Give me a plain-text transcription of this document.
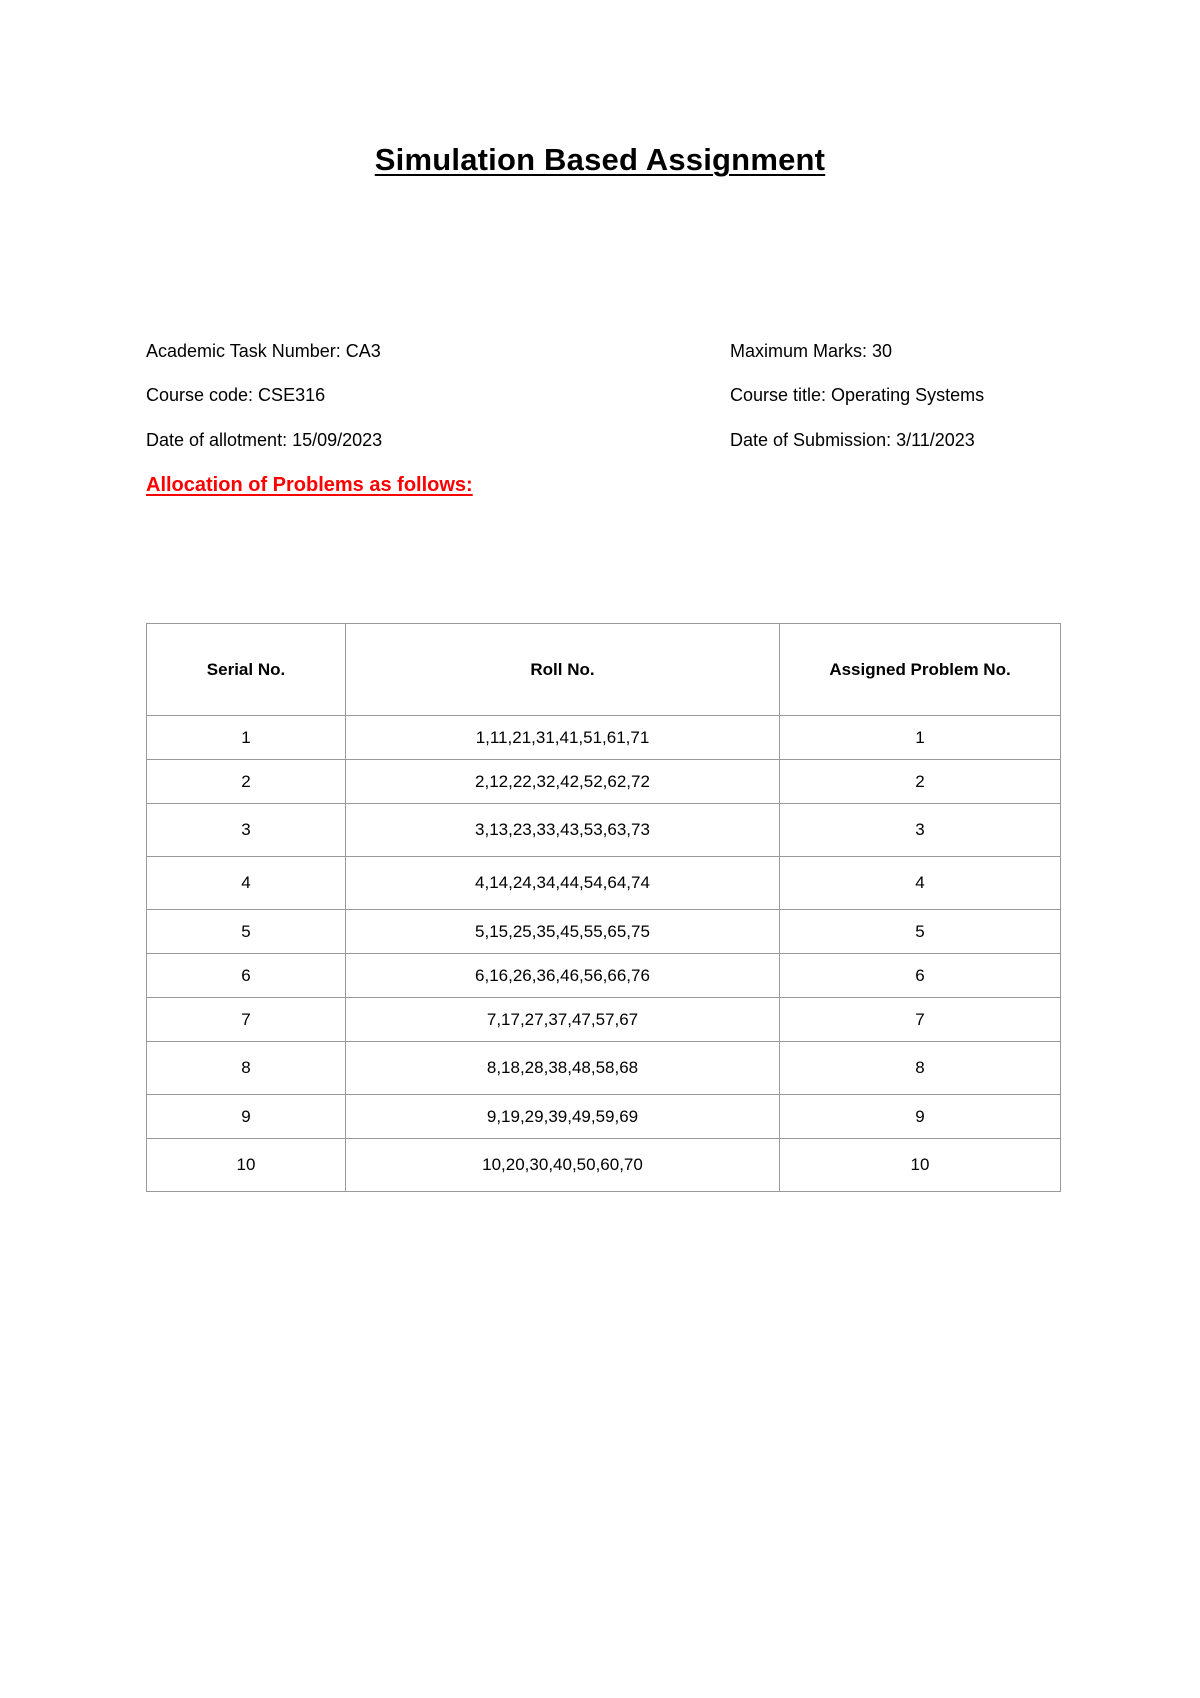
Simulation Based Assignment
Academic Task Number: CA3	Maximum Marks: 30
Course code: CSE316	Course title: Operating Systems
Date of allotment: 15/09/2023	Date of Submission: 3/11/2023
Allocation of Problems as follows:
Serial No.	Roll No.	Assigned Problem No.
1	1,11,21,31,41,51,61,71	1
2	2,12,22,32,42,52,62,72	2
3	3,13,23,33,43,53,63,73	3
4	4,14,24,34,44,54,64,74	4
5	5,15,25,35,45,55,65,75	5
6	6,16,26,36,46,56,66,76	6
7	7,17,27,37,47,57,67	7
8	8,18,28,38,48,58,68	8
9	9,19,29,39,49,59,69	9
10	10,20,30,40,50,60,70	10
